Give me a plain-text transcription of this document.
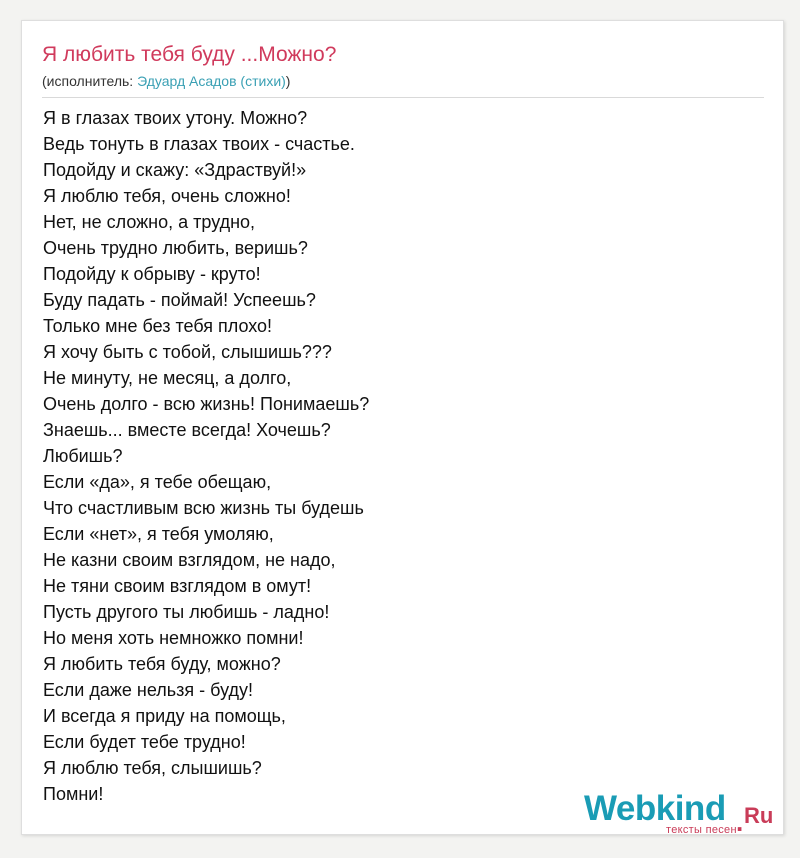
Я любить тебя буду ...Можно?
(исполнитель: Эдуард Асадов (стихи))
Я в глазах твоих утону. Можно?
Ведь тонуть в глазах твоих - счастье.
Подойду и скажу: «Здраствуй!»
Я люблю тебя, очень сложно!
Нет, не сложно, а трудно,
Очень трудно любить, веришь?
Подойду к обрыву - круто!
Буду падать - поймай! Успеешь?
Только мне без тебя плохо!
Я хочу быть с тобой, слышишь???
Не минуту, не месяц, а долго,
Очень долго - всю жизнь! Понимаешь?
Знаешь... вместе всегда! Хочешь?
Любишь?
Если «да», я тебе обещаю,
Что счастливым всю жизнь ты будешь
Если «нет», я тебя умоляю,
Не казни своим взглядом, не надо,
Не тяни своим взглядом в омут!
Пусть другого ты любишь - ладно!
Но меня хоть немножко помни!
Я любить тебя буду, можно?
Если даже нельзя - буду!
И всегда я приду на помощь,
Если будет тебе трудно!
Я люблю тебя, слышишь?
Помни!	Webkind . Ru
тексты песен
